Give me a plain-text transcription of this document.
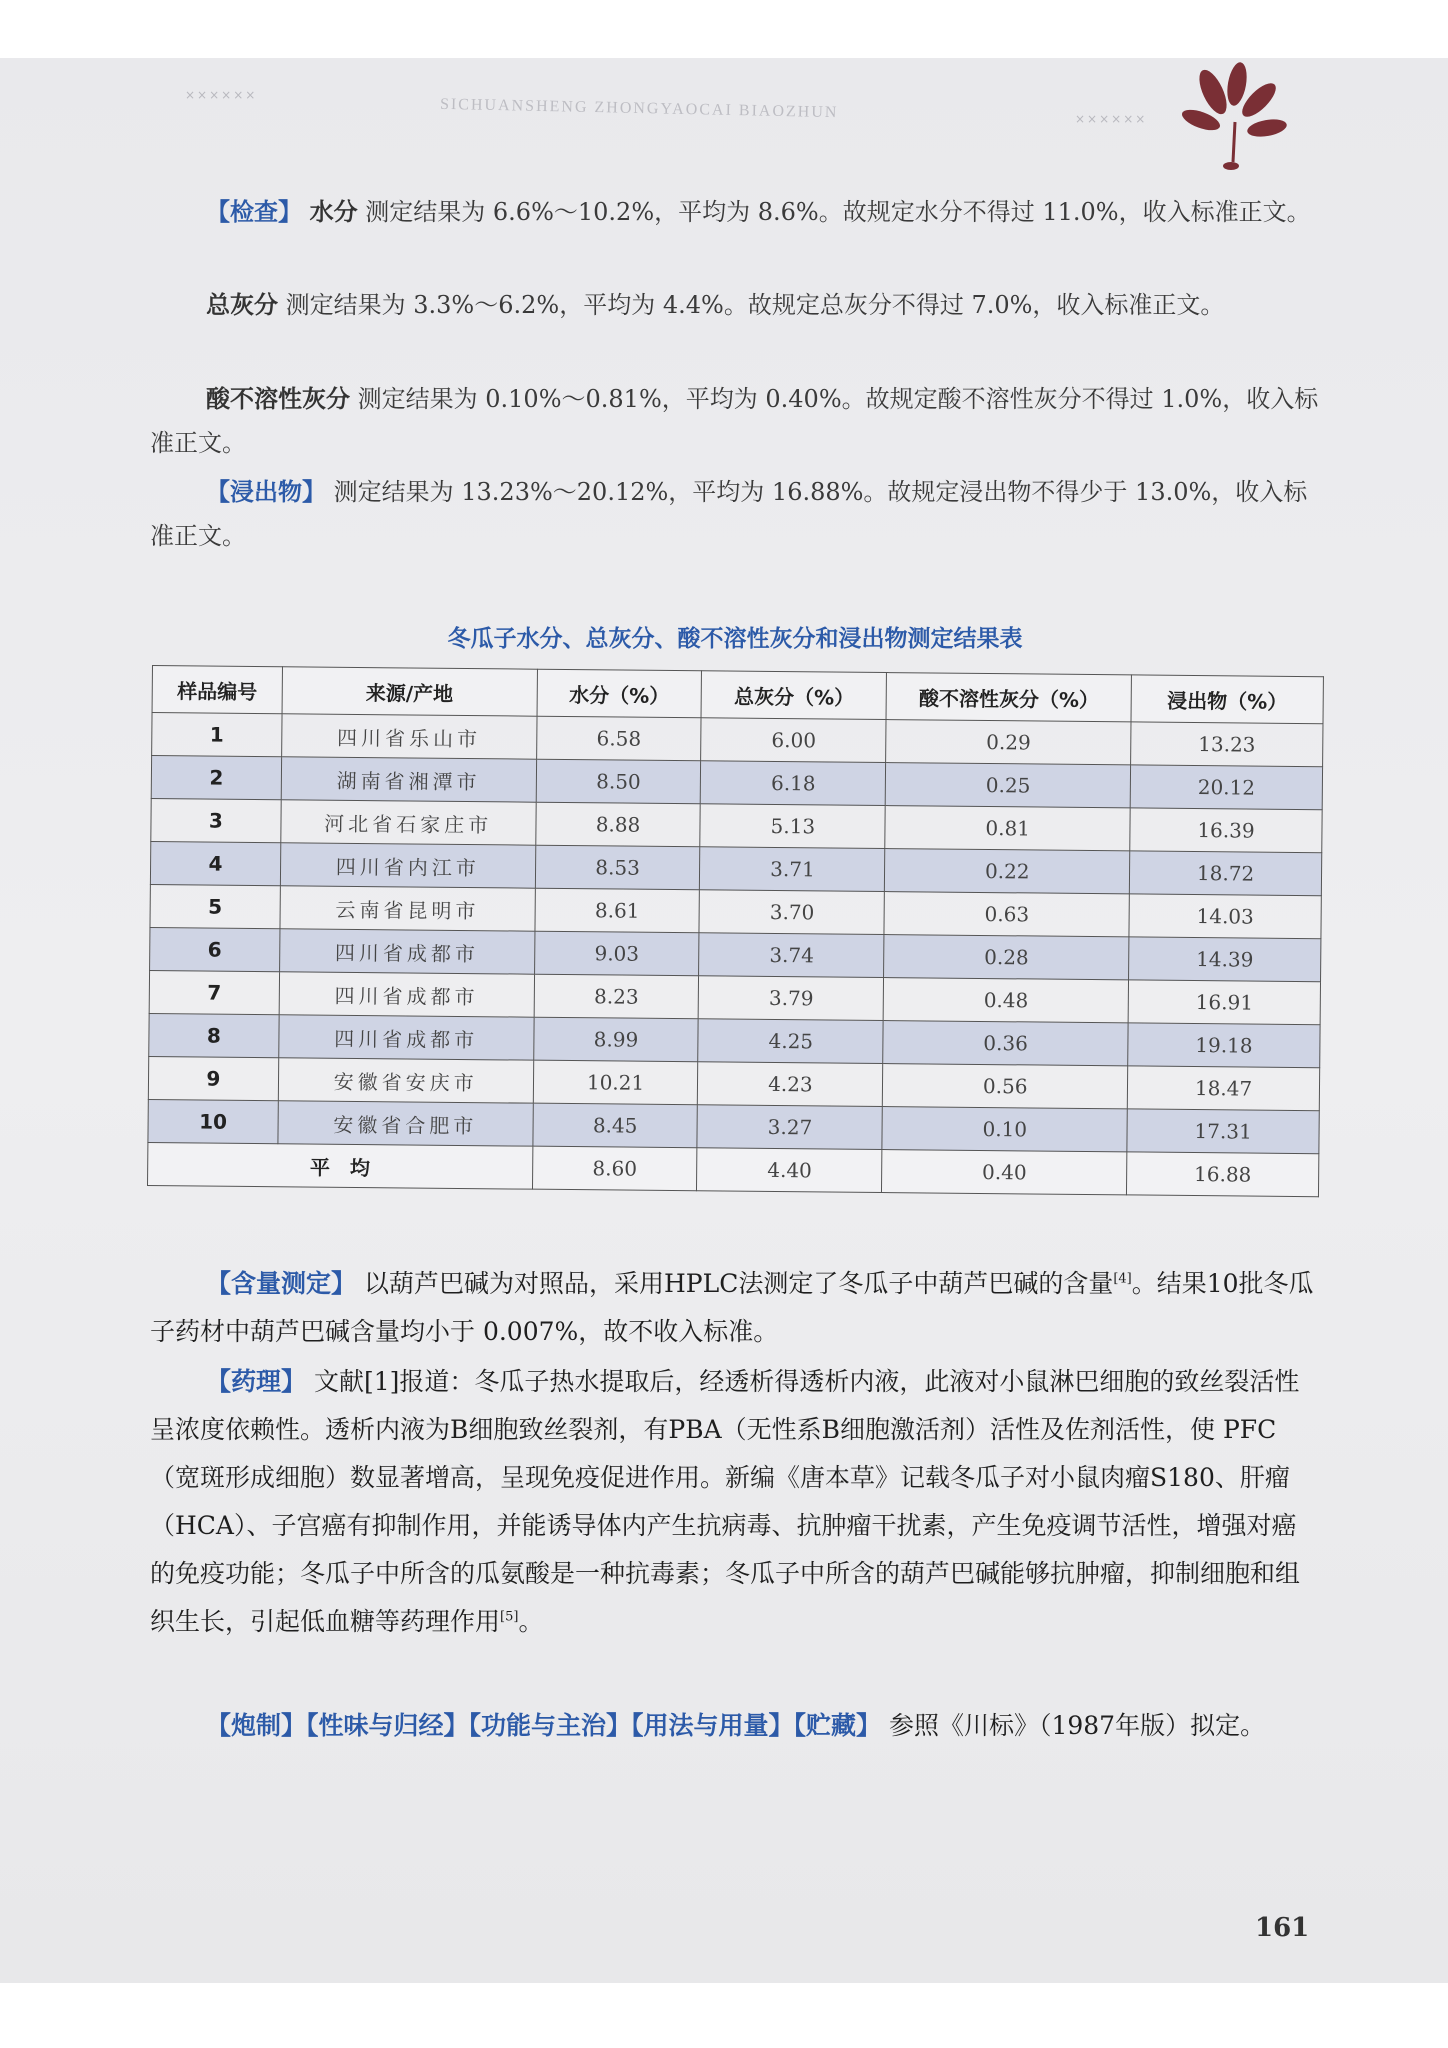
××××××
SICHUANSHENG ZHONGYAOCAI BIAOZHUN	××××××
【检查】 水分 测定结果为 6.6%～10.2%，平均为 8.6%。故规定水分不得过 11.0%，收入标准正文。
总灰分 测定结果为 3.3%～6.2%，平均为 4.4%。故规定总灰分不得过 7.0%，收入标准正文。
酸不溶性灰分 测定结果为 0.10%～0.81%，平均为 0.40%。故规定酸不溶性灰分不得过 1.0%，收入标准正文。
【浸出物】 测定结果为 13.23%～20.12%，平均为 16.88%。故规定浸出物不得少于 13.0%，收入标准正文。
冬瓜子水分、总灰分、酸不溶性灰分和浸出物测定结果表
样品编号	来源/产地	水分（%）	总灰分（%）	酸不溶性灰分（%）	浸出物（%）
1	四川省乐山市	6.58	6.00	0.29	13.23
2	湖南省湘潭市	8.50	6.18	0.25	20.12
3	河北省石家庄市	8.88	5.13	0.81	16.39
4	四川省内江市	8.53	3.71	0.22	18.72
5	云南省昆明市	8.61	3.70	0.63	14.03
6	四川省成都市	9.03	3.74	0.28	14.39
7	四川省成都市	8.23	3.79	0.48	16.91
8	四川省成都市	8.99	4.25	0.36	19.18
9	安徽省安庆市	10.21	4.23	0.56	18.47
10	安徽省合肥市	8.45	3.27	0.10	17.31
平　均		8.60	4.40	0.40	16.88
【含量测定】 以葫芦巴碱为对照品，采用HPLC法测定了冬瓜子中葫芦巴碱的含量[4]。结果10批冬瓜子药材中葫芦巴碱含量均小于 0.007%，故不收入标准。
【药理】 文献[1]报道：冬瓜子热水提取后，经透析得透析内液，此液对小鼠淋巴细胞的致丝裂活性呈浓度依赖性。透析内液为B细胞致丝裂剂，有PBA（无性系B细胞激活剂）活性及佐剂活性，使 PFC（宽斑形成细胞）数显著增高，呈现免疫促进作用。新编《唐本草》记载冬瓜子对小鼠肉瘤S180、肝瘤（HCA）、子宫癌有抑制作用，并能诱导体内产生抗病毒、抗肿瘤干扰素，产生免疫调节活性，增强对癌的免疫功能；冬瓜子中所含的瓜氨酸是一种抗毒素；冬瓜子中所含的葫芦巴碱能够抗肿瘤，抑制细胞和组织生长，引起低血糖等药理作用[5]。
【炮制】【性味与归经】【功能与主治】【用法与用量】【贮藏】 参照《川标》（1987年版）拟定。
161
